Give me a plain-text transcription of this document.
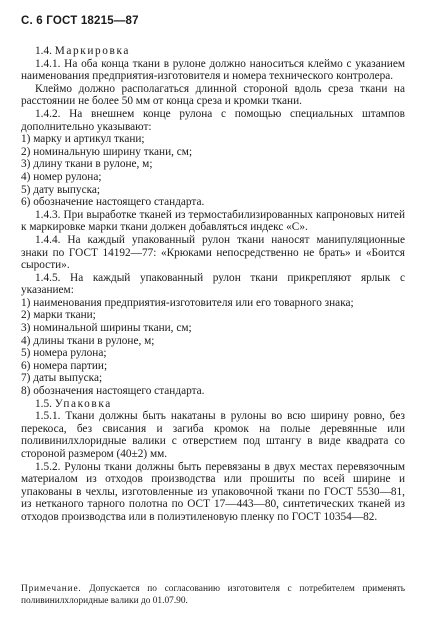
С. 6 ГОСТ 18215—87

1.4. Маркировка

1.4.1. На оба конца ткани в рулоне должно наноситься клеймо с указанием наименования предприятия-изготовителя и номера технического контролера.

Клеймо должно располагаться длинной стороной вдоль среза ткани на расстоянии не более 50 мм от конца среза и кромки ткани.

1.4.2. На внешнем конце рулона с помощью специальных штампов дополнительно указывают:

1) марку и артикул ткани;

2) номинальную ширину ткани, см;

3) длину ткани в рулоне, м;

4) номер рулона;

5) дату выпуска;

6) обозначение настоящего стандарта.

1.4.3. При выработке тканей из термостабилизированных капроновых нитей к маркировке марки ткани должен добавляться индекс «С».

1.4.4. На каждый упакованный рулон ткани наносят манипуляционные знаки по ГОСТ 14192—77: «Крюками непосредственно не брать» и «Боится сырости».

1.4.5. На каждый упакованный рулон ткани прикрепляют ярлык с указанием:

1) наименования предприятия-изготовителя или его товарного знака;

2) марки ткани;

3) номинальной ширины ткани, см;

4) длины ткани в рулоне, м;

5) номера рулона;

6) номера партии;

7) даты выпуска;

8) обозначения настоящего стандарта.

1.5. Упаковка

1.5.1. Ткани должны быть накатаны в рулоны во всю ширину ровно, без перекоса, без свисания и загиба кромок на полые деревянные или поливинилхлоридные валики с отверстием под штангу в виде квадрата со стороной размером (40±2) мм.

1.5.2. Рулоны ткани должны быть перевязаны в двух местах перевязочным материалом из отходов производства или прошиты по всей ширине и упакованы в чехлы, изготовленные из упаковочной ткани по ГОСТ 5530—81, из нетканого тарного полотна по ОСТ 17—443—80, синтетических тканей из отходов производства или в полиэтиленовую пленку по ГОСТ 10354—82.

Примечание. Допускается по согласованию изготовителя с потребителем применять поливинилхлоридные валики до 01.07.90.
